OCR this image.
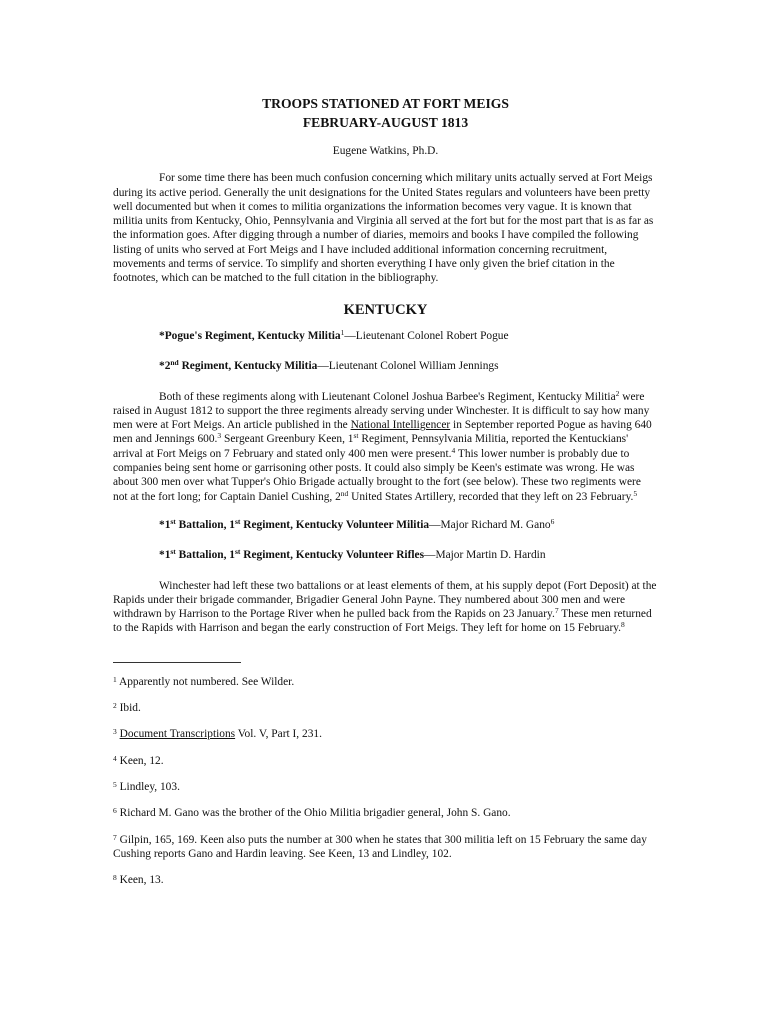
TROOPS STATIONED AT FORT MEIGS
FEBRUARY-AUGUST 1813

Eugene Watkins, Ph.D.

For some time there has been much confusion concerning which military units actually served at Fort Meigs during its active period. Generally the unit designations for the United States regulars and volunteers have been pretty well documented but when it comes to militia organizations the information becomes very vague. It is known that militia units from Kentucky, Ohio, Pennsylvania and Virginia all served at the fort but for the most part that is as far as the information goes. After digging through a number of diaries, memoirs and books I have compiled the following listing of units who served at Fort Meigs and I have included additional information concerning recruitment, movements and terms of service. To simplify and shorten everything I have only given the brief citation in the footnotes, which can be matched to the full citation in the bibliography.

KENTUCKY

*Pogue's Regiment, Kentucky Militia$^1$—Lieutenant Colonel Robert Pogue

*2nd Regiment, Kentucky Militia—Lieutenant Colonel William Jennings

Both of these regiments along with Lieutenant Colonel Joshua Barbee's Regiment, Kentucky Militia$^2$ were raised in August 1812 to support the three regiments already serving under Winchester. It is difficult to say how many men were at Fort Meigs. An article published in the National Intelligencer in September reported Pogue as having 640 men and Jennings 600.$^3$ Sergeant Greenbury Keen, 1st Regiment, Pennsylvania Militia, reported the Kentuckians' arrival at Fort Meigs on 7 February and stated only 400 men were present.$^4$ This lower number is probably due to companies being sent home or garrisoning other posts. It could also simply be Keen's estimate was wrong. He was about 300 men over what Tupper's Ohio Brigade actually brought to the fort (see below). These two regiments were not at the fort long; for Captain Daniel Cushing, 2nd United States Artillery, recorded that they left on 23 February.$^5$

*1st Battalion, 1st Regiment, Kentucky Volunteer Militia—Major Richard M. Gano$^6$

*1st Battalion, 1st Regiment, Kentucky Volunteer Rifles—Major Martin D. Hardin

Winchester had left these two battalions or at least elements of them, at his supply depot (Fort Deposit) at the Rapids under their brigade commander, Brigadier General John Payne. They numbered about 300 men and were withdrawn by Harrison to the Portage River when he pulled back from the Rapids on 23 January.$^7$ These men returned to the Rapids with Harrison and began the early construction of Fort Meigs. They left for home on 15 February.$^8$

$^1$ Apparently not numbered. See Wilder.

$^2$ Ibid.

$^3$ Document Transcriptions Vol. V, Part I, 231.

$^4$ Keen, 12.

$^5$ Lindley, 103.

$^6$ Richard M. Gano was the brother of the Ohio Militia brigadier general, John S. Gano.

$^7$ Gilpin, 165, 169. Keen also puts the number at 300 when he states that 300 militia left on 15 February the same day Cushing reports Gano and Hardin leaving. See Keen, 13 and Lindley, 102.

$^8$ Keen, 13.
